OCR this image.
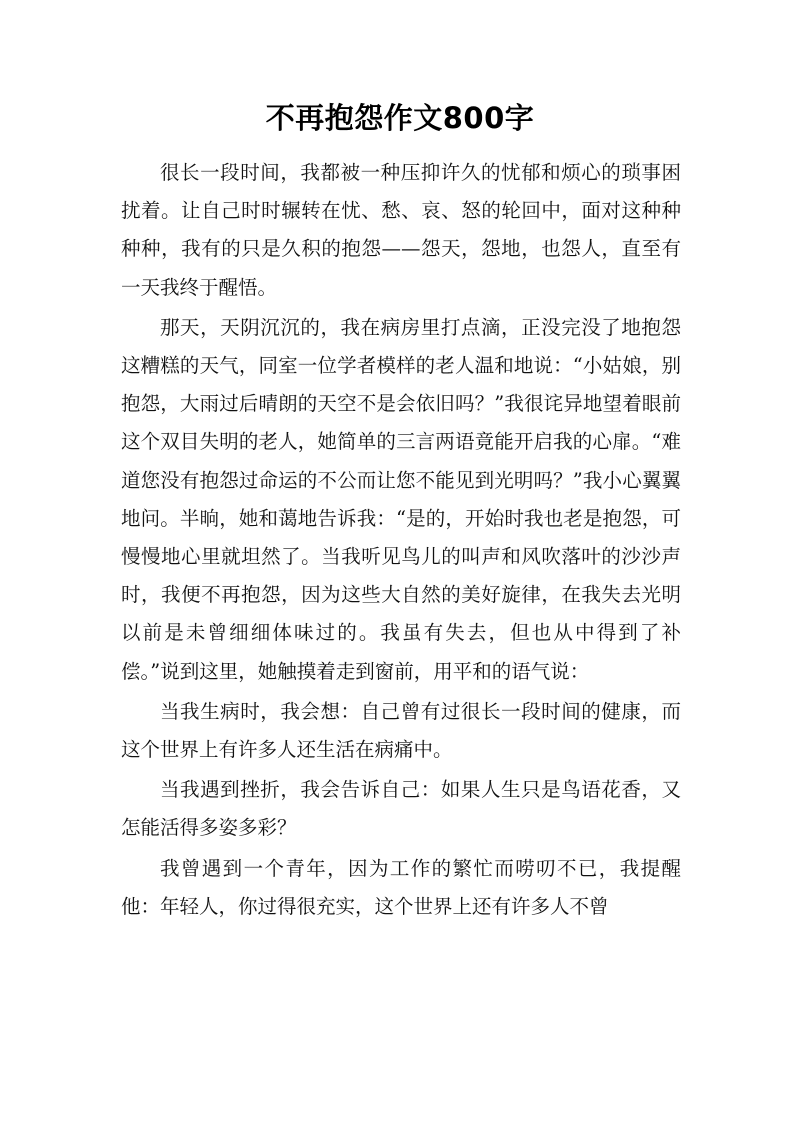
不再抱怨作文800字

很长一段时间，我都被一种压抑许久的忧郁和烦心的琐事困扰着。让自己时时辗转在忧、愁、哀、怒的轮回中，面对这种种种种，我有的只是久积的抱怨——怨天，怨地，也怨人，直至有一天我终于醒悟。

那天，天阴沉沉的，我在病房里打点滴，正没完没了地抱怨这糟糕的天气，同室一位学者模样的老人温和地说：“小姑娘，别抱怨，大雨过后晴朗的天空不是会依旧吗？”我很诧异地望着眼前这个双目失明的老人，她简单的三言两语竟能开启我的心扉。“难道您没有抱怨过命运的不公而让您不能见到光明吗？”我小心翼翼地问。半晌，她和蔼地告诉我：“是的，开始时我也老是抱怨，可慢慢地心里就坦然了。当我听见鸟儿的叫声和风吹落叶的沙沙声时，我便不再抱怨，因为这些大自然的美好旋律，在我失去光明以前是未曾细细体味过的。我虽有失去，但也从中得到了补偿。”说到这里，她触摸着走到窗前，用平和的语气说：

当我生病时，我会想：自己曾有过很长一段时间的健康，而这个世界上有许多人还生活在病痛中。

当我遇到挫折，我会告诉自己：如果人生只是鸟语花香，又怎能活得多姿多彩？

我曾遇到一个青年，因为工作的繁忙而唠叨不已，我提醒他：年轻人，你过得很充实，这个世界上还有许多人不曾
